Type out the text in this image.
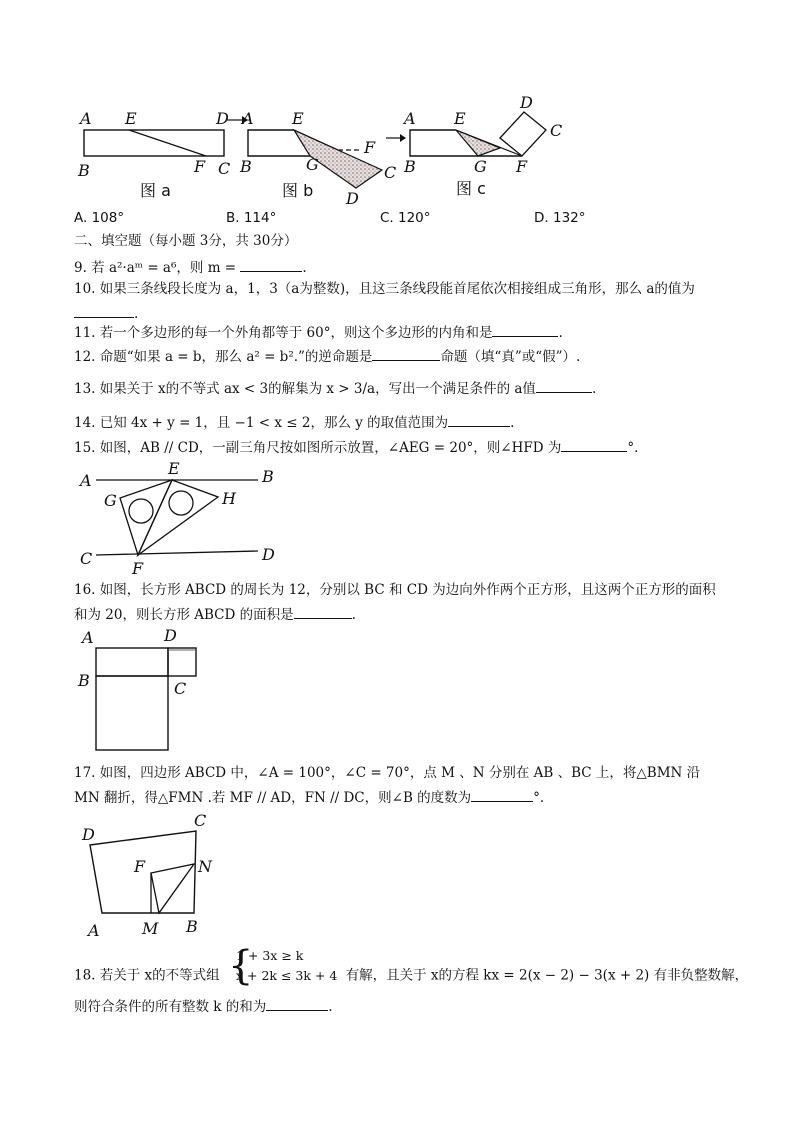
A E	D
B	F C
图 a
A E
F
B	G	C
D
图 b
A E
D
C
B	G F
图 c
A. 108°	B. 114°	C. 120°	D. 132°
二、填空题（每小题 3分，共 30分）
9. 若 a²·aᵐ = a⁶，则 m =	.
10. 如果三条线段长度为 a，1，3（a为整数)，且这三条线段能首尾依次相接组成三角形，那么 a的值为
.
11. 若一个多边形的每一个外角都等于 60°，则这个多边形的内角和是	.
12. 命题“如果 a = b，那么 a² = b².”的逆命题是	命题（填“真”或“假”）.
13. 如果关于 x的不等式 ax < 3的解集为 x > 3/a，写出一个满足条件的 a值	.
14. 已知 4x + y = 1，且 −1 < x ≤ 2，那么 y 的取值范围为	.
15. 如图，AB // CD，一副三角尺按如图所示放置，∠AEG = 20°，则∠HFD 为	°.
A
E	B
G	H
C
F
D
16. 如图，长方形 ABCD 的周长为 12，分别以 BC 和 CD 为边向外作两个正方形，且这两个正方形的面积
和为 20，则长方形 ABCD 的面积是	.
A	D
B	C
17. 如图，四边形 ABCD 中，∠A = 100°，∠C = 70°，点 M 、N 分别在 AB 、BC 上，将△BMN 沿
MN 翻折，得△FMN .若 MF // AD，FN // DC，则∠B 的度数为	°.
D
C
F	N
A	M B
18. 若关于 x的不等式组 {
1 + 3x ≥ k
x + 2k ≤ 3k + 4 有解，且关于 x的方程 kx = 2(x − 2) − 3(x + 2) 有非负整数解，
则符合条件的所有整数 k 的和为	.
